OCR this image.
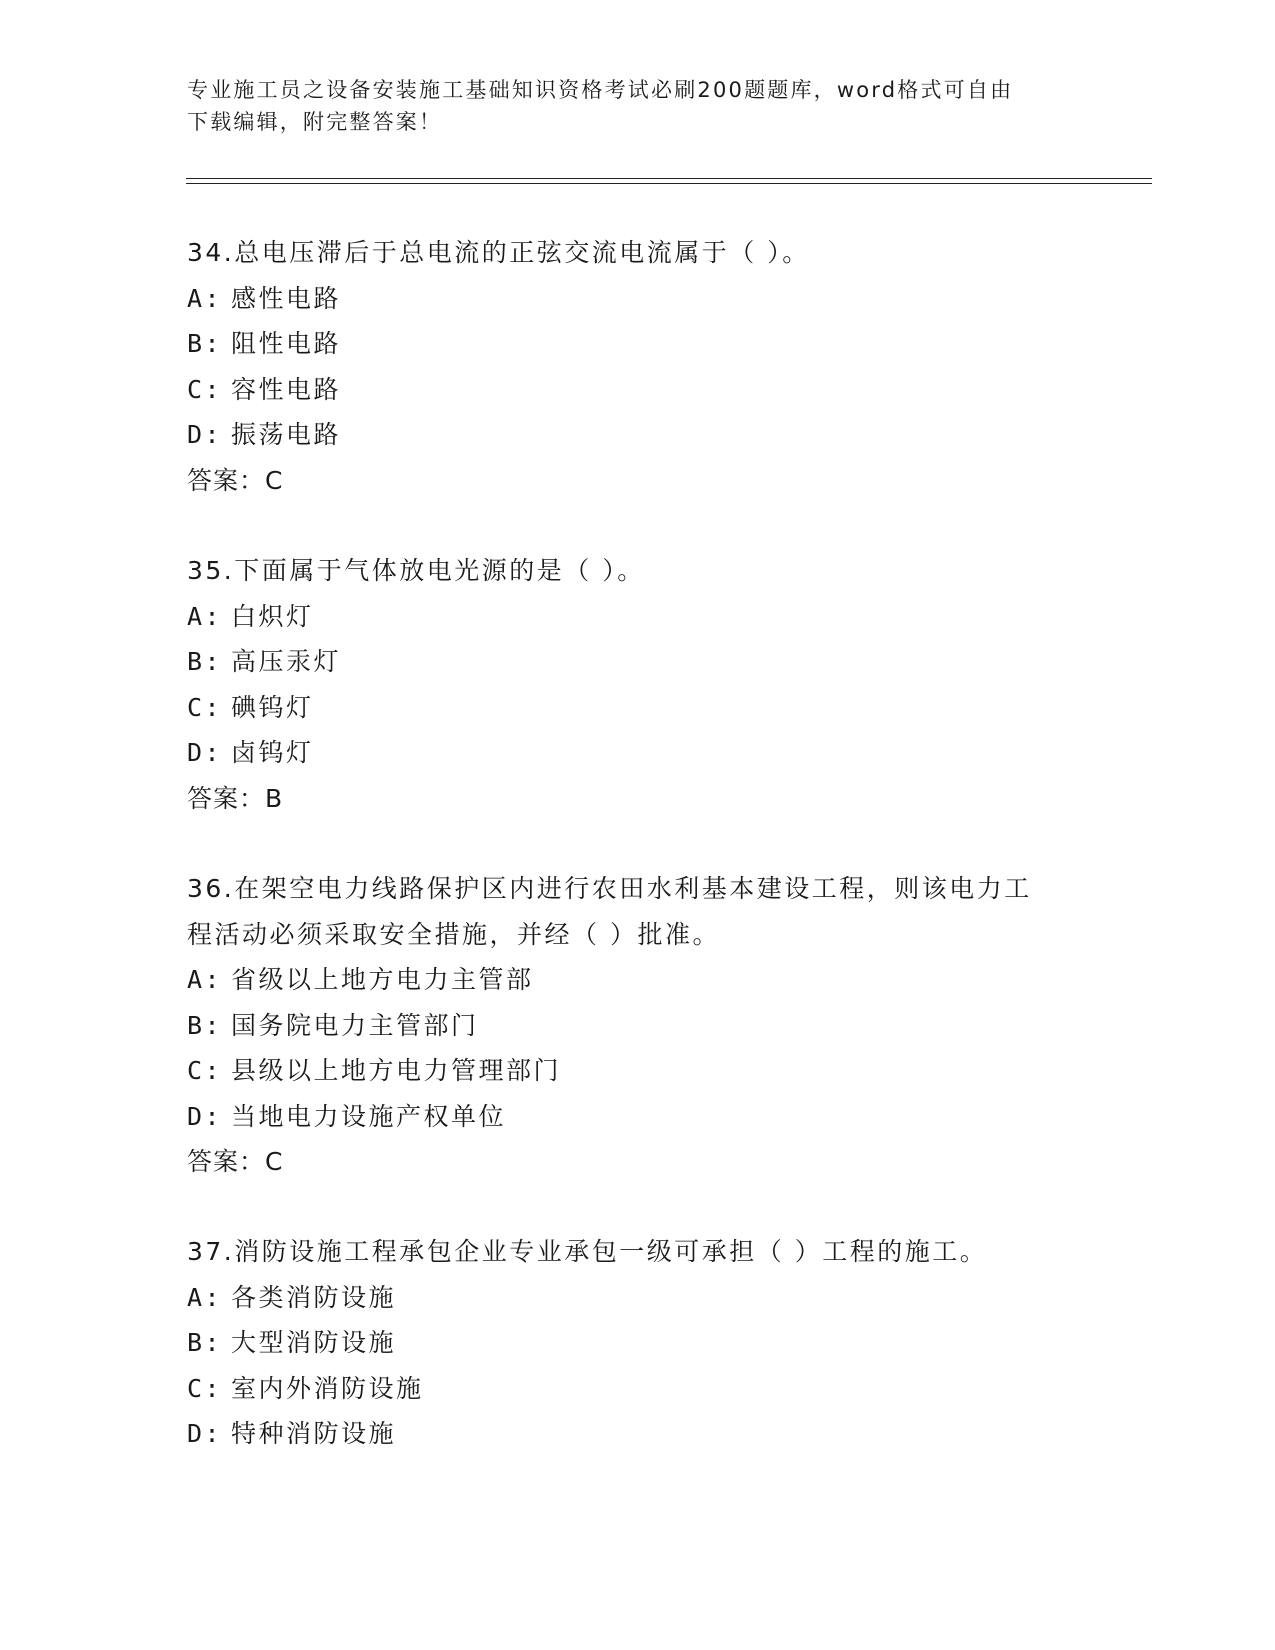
专业施工员之设备安装施工基础知识资格考试必刷200题题库，word格式可自由
下载编辑，附完整答案！
34.总电压滞后于总电流的正弦交流电流属于（ ）。
A: 感性电路
B: 阻性电路
C: 容性电路
D: 振荡电路
答案：C
35.下面属于气体放电光源的是（ ）。
A: 白炽灯
B: 高压汞灯
C: 碘钨灯
D: 卤钨灯
答案：B
36.在架空电力线路保护区内进行农田水利基本建设工程，则该电力工
程活动必须采取安全措施，并经（ ）批准。
A: 省级以上地方电力主管部
B: 国务院电力主管部门
C: 县级以上地方电力管理部门
D: 当地电力设施产权单位
答案：C
37.消防设施工程承包企业专业承包一级可承担（ ）工程的施工。
A: 各类消防设施
B: 大型消防设施
C: 室内外消防设施
D: 特种消防设施
